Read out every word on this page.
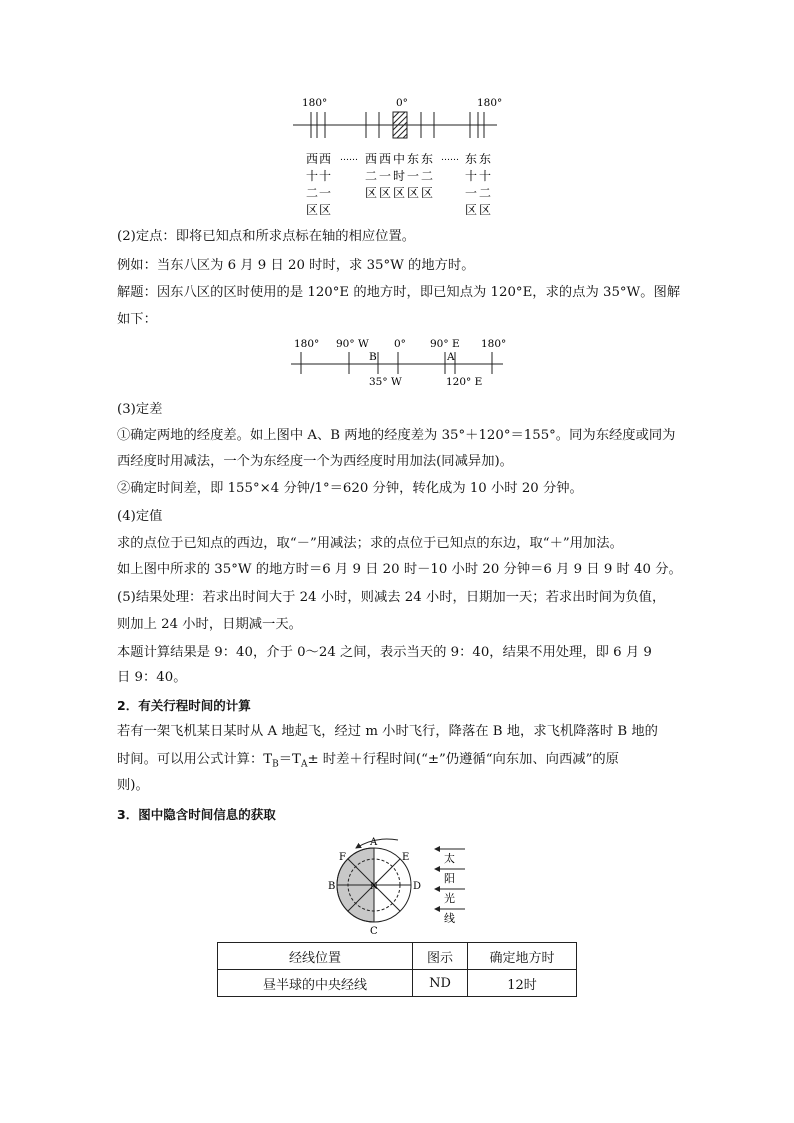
180°	0°	180°
……	……
西
十
二
区
西
十
一
区
西
二
区
西
一
区
中
时
区
东
一
区
东
二
区
东
十
一
区
东
十
二
区
(2)定点：即将已知点和所求点标在轴的相应位置。
例如：当东八区为 6 月 9 日 20 时时，求 35°W 的地方时。
解题：因东八区的区时使用的是 120°E 的地方时，即已知点为 120°E，求的点为 35°W。图解
如下：
180° 90° W 0° 90° E 180°
B	A
35° W	120° E
(3)定差
①确定两地的经度差。如上图中 A、B 两地的经度差为 35°＋120°＝155°。同为东经度或同为
西经度时用减法，一个为东经度一个为西经度时用加法(同减异加)。
②确定时间差，即 155°×4 分钟/1°＝620 分钟，转化成为 10 小时 20 分钟。
(4)定值
求的点位于已知点的西边，取“－”用减法；求的点位于已知点的东边，取“＋”用加法。
如上图中所求的 35°W 的地方时＝6 月 9 日 20 时－10 小时 20 分钟＝6 月 9 日 9 时 40 分。
(5)结果处理：若求出时间大于 24 小时，则减去 24 小时，日期加一天；若求出时间为负值，
则加上 24 小时，日期减一天。
本题计算结果是 9：40，介于 0～24 之间，表示当天的 9：40，结果不用处理，即 6 月 9
日 9：40。
2．有关行程时间的计算
若有一架飞机某日某时从 A 地起飞，经过 m 小时飞行，降落在 B 地，求飞机降落时 B 地的
时间。可以用公式计算：$T_B=T_A\pm$ 时差＋行程时间(“±”仍遵循“向东加、向西减”的原
则)。
3．图中隐含时间信息的获取
A
B
C
D
E
F
N
太
阳
光
线
经线位置	图示	确定地方时
昼半球的中央经线	ND	12时
